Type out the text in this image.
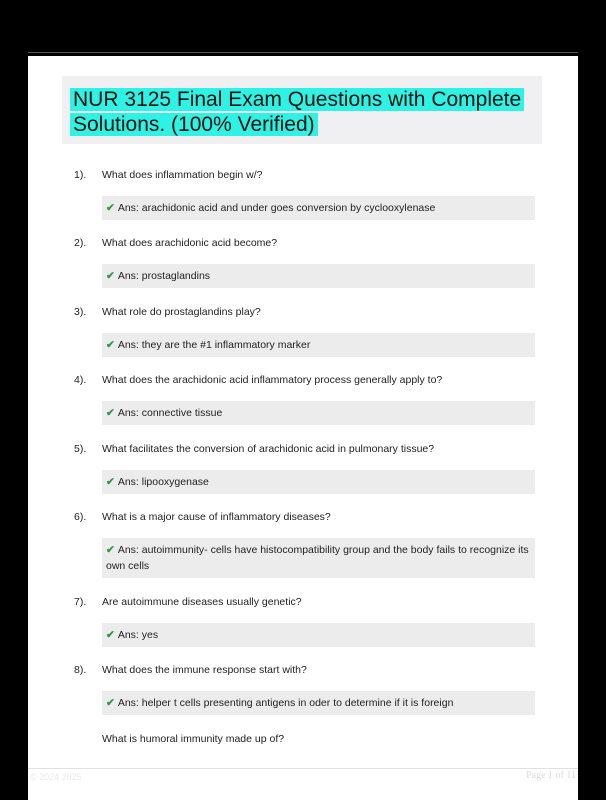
NUR 3125 Final Exam Questions with Complete Solutions. (100% Verified)
1). What does inflammation begin w/?
✔ Ans: arachidonic acid and under goes conversion by cyclooxylenase
2). What does arachidonic acid become?
✔ Ans: prostaglandins
3). What role do prostaglandins play?
✔ Ans: they are the #1 inflammatory marker
4). What does the arachidonic acid inflammatory process generally apply to?
✔ Ans: connective tissue
5). What facilitates the conversion of arachidonic acid in pulmonary tissue?
✔ Ans: lipooxygenase
6). What is a major cause of inflammatory diseases?
✔ Ans: autoimmunity- cells have histocompatibility group and the body fails to recognize its own cells
7). Are autoimmune diseases usually genetic?
✔ Ans: yes
8). What does the immune response start with?
✔ Ans: helper t cells presenting antigens in oder to determine if it is foreign
What is humoral immunity made up of?
© 2024 2025	Page 1 of 11
